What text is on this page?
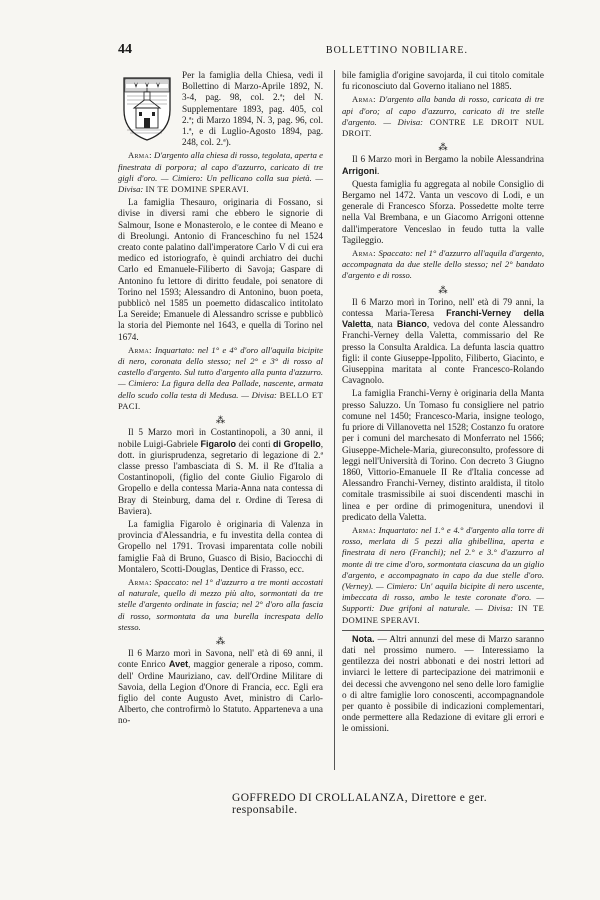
44	BOLLETTINO NOBILIARE.

Per la famiglia della Chiesa, vedi il Bollettino di Marzo-Aprile 1892, N. 3-4, pag. 98, col. 2.ª; del N. Supplementare 1893, pag. 405, col 2.ª; di Marzo 1894, N. 3, pag. 96, col. 1.ª, e di Luglio-Agosto 1894, pag. 248, col. 2.ª).

Arma: D'argento alla chiesa di rosso, tegolata, aperta e finestrata di porpora; al capo d'azzurro, caricato di tre gigli d'oro. — Cimiero: Un pellicano colla sua pietà. — Divisa: IN TE DOMINE SPERAVI.

La famiglia Thesauro, originaria di Fossano, si divise in diversi rami che ebbero le signorie di Salmour, Isone e Monasterolo, e le contee di Meano e di Breolungi. Antonio di Franceschino fu nel 1524 creato conte palatino dall'imperatore Carlo V di cui era medico ed istoriografo, è quindi archiatro dei duchi Carlo ed Emanuele-Filiberto di Savoja; Gaspare di Antonino fu lettore di diritto feudale, poi senatore di Torino nel 1593; Alessandro di Antonino, buon poeta, pubblicò nel 1585 un poemetto didascalico intitolato La Sereide; Emanuele di Alessandro scrisse e pubblicò la storia del Piemonte nel 1643, e quella di Torino nel 1674.

Arma: Inquartato: nel 1° e 4° d'oro all'aquila bicipite di nero, coronata dello stesso; nel 2° e 3° di rosso al castello d'argento. Sul tutto d'argento alla punta d'azzurro. — Cimiero: La figura della dea Pallade, nascente, armata dello scudo colla testa di Medusa. — Divisa: BELLO ET PACI.

⁂

Il 5 Marzo morì in Costantinopoli, a 30 anni, il nobile Luigi-Gabriele Figarolo dei conti di Gropello, dott. in giurisprudenza, segretario di legazione di 2.ª classe presso l'ambasciata di S. M. il Re d'Italia a Costantinopoli, (figlio del conte Giulio Figarolo di Gropello e della contessa Maria-Anna nata contessa di Bray di Steinburg, dama del r. Ordine di Teresa di Baviera).

La famiglia Figarolo è originaria di Valenza in provincia d'Alessandria, e fu investita della contea di Gropello nel 1791. Trovasi imparentata colle nobili famiglie Faà di Bruno, Guasco di Bisio, Baciocchi di Montalero, Scotti-Douglas, Dentice di Frasso, ecc.

Arma: Spaccato: nel 1° d'azzurro a tre monti accostati al naturale, quello di mezzo più alto, sormontati da tre stelle d'argento ordinate in fascia; nel 2° d'oro alla fascia di rosso, sormontata da una burella increspata dello stesso.

⁂

Il 6 Marzo morì in Savona, nell' età di 69 anni, il conte Enrico Avet, maggior generale a riposo, comm. dell' Ordine Mauriziano, cav. dell'Ordine Militare di Savoia, della Legion d'Onore di Francia, ecc. Egli era figlio del conte Augusto Avet, ministro di Carlo-Alberto, che controfirmò lo Statuto. Apparteneva a una no-

bile famiglia d'origine savojarda, il cui titolo comitale fu riconosciuto dal Governo italiano nel 1885.

Arma: D'argento alla banda di rosso, caricata di tre api d'oro; al capo d'azzurro, caricato di tre stelle d'argento. — Divisa: CONTRE LE DROIT NUL DROIT.

⁂

Il 6 Marzo morì in Bergamo la nobile Alessandrina Arrigoni.

Questa famiglia fu aggregata al nobile Consiglio di Bergamo nel 1472. Vanta un vescovo di Lodi, e un generale di Francesco Sforza. Possedette molte terre nella Val Brembana, e un Giacomo Arrigoni ottenne dall'imperatore Venceslao in feudo tutta la valle Tagileggio.

Arma: Spaccato: nel 1° d'azzurro all'aquila d'argento, accompagnata da due stelle dello stesso; nel 2° bandato d'argento e di rosso.

⁂

Il 6 Marzo morì in Torino, nell' età di 79 anni, la contessa Maria-Teresa Franchi-Verney della Valetta, nata Bianco, vedova del conte Alessandro Franchi-Verney della Valetta, commissario del Re presso la Consulta Araldica. La defunta lascia quattro figli: il conte Giuseppe-Ippolito, Filiberto, Giacinto, e Giuseppina maritata al conte Francesco-Rolando Cavagnolo.

La famiglia Franchi-Verny è originaria della Manta presso Saluzzo. Un Tomaso fu consigliere nel patrio comune nel 1450; Francesco-Maria, insigne teologo, fu priore di Villanovetta nel 1528; Costanzo fu oratore per i comuni del marchesato di Monferrato nel 1566; Giuseppe-Michele-Maria, giureconsulto, professore di leggi nell'Università di Torino. Con decreto 3 Giugno 1860, Vittorio-Emanuele II Re d'Italia concesse ad Alessandro Franchi-Verney, distinto araldista, il titolo comitale trasmissibile ai suoi discendenti maschi in linea e per ordine di primogenitura, unendovi il predicato della Valetta.

Arma: Inquartato: nel 1.° e 4.° d'argento alla torre di rosso, merlata di 5 pezzi alla ghibellina, aperta e finestrata di nero (Franchi); nel 2.° e 3.° d'azzurro al monte di tre cime d'oro, sormontata ciascuna da un giglio d'argento, e accompagnato in capo da due stelle d'oro. (Verney). — Cimiero: Un' aquila bicipite di nero uscente, imbeccata di rosso, ambo le teste coronate d'oro. — Supporti: Due grifoni al naturale. — Divisa: IN TE DOMINE SPERAVI.

Nota. — Altri annunzi del mese di Marzo saranno dati nel prossimo numero. — Interessiamo la gentilezza dei nostri abbonati e dei nostri lettori ad inviarci le lettere di partecipazione dei matrimonii e dei decessi che avvengono nel seno delle loro famiglie o di altre famiglie loro conoscenti, accompagnandole per quanto è possibile di indicazioni complementari, onde permettere alla Redazione di evitare gli errori e le omissioni.

GOFFREDO DI CROLLALANZA, Direttore e ger. responsabile.
